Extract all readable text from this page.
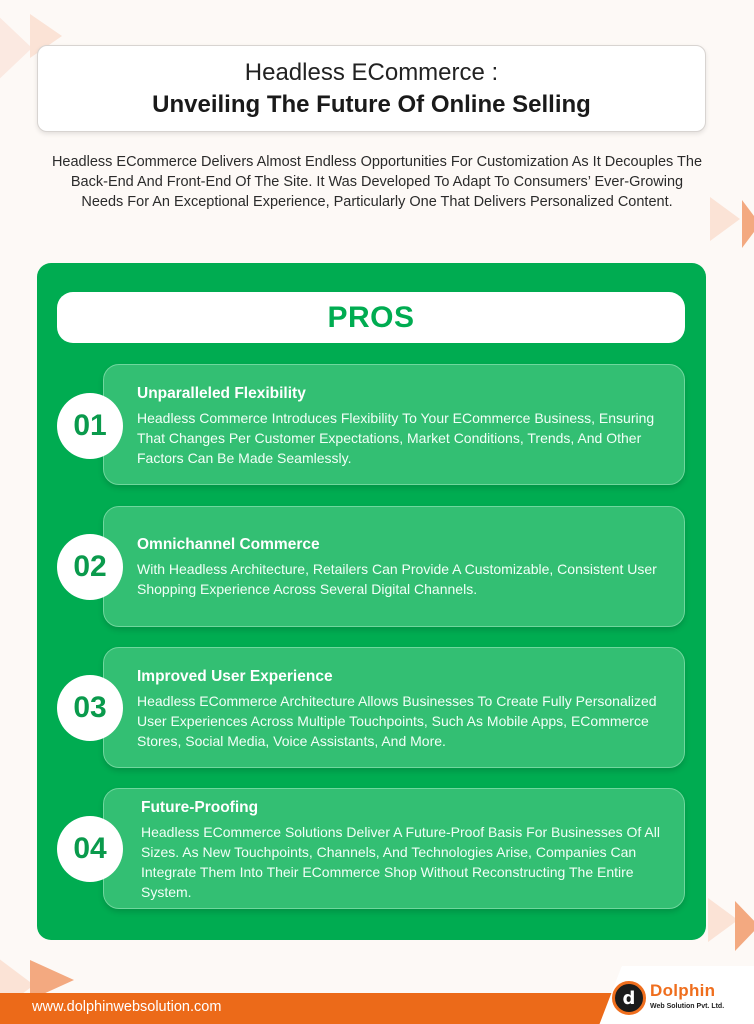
Headless ECommerce :
Unveiling The Future Of Online Selling

Headless ECommerce Delivers Almost Endless Opportunities For Customization As It Decouples The Back-End And Front-End Of The Site. It Was Developed To Adapt To Consumers’ Ever-Growing Needs For An Exceptional Experience, Particularly One That Delivers Personalized Content.

PROS
Unparalleled Flexibility
Headless Commerce Introduces Flexibility To Your ECommerce Business, Ensuring That Changes Per Customer Expectations, Market Conditions, Trends, And Other Factors Can Be Made Seamlessly.
01
Omnichannel Commerce
With Headless Architecture, Retailers Can Provide A Customizable, Consistent User Shopping Experience Across Several Digital Channels.
02
Improved User Experience
Headless ECommerce Architecture Allows Businesses To Create Fully Personalized User Experiences Across Multiple Touchpoints, Such As Mobile Apps, ECommerce Stores, Social Media, Voice Assistants, And More.
03
Future-Proofing
Headless ECommerce Solutions Deliver A Future-Proof Basis For Businesses Of All Sizes. As New Touchpoints, Channels, And Technologies Arise, Companies Can Integrate Them Into Their ECommerce Shop Without Reconstructing The Entire System.
04
www.dolphinwebsolution.com	d Dolphin
Web Solution Pvt. Ltd.
